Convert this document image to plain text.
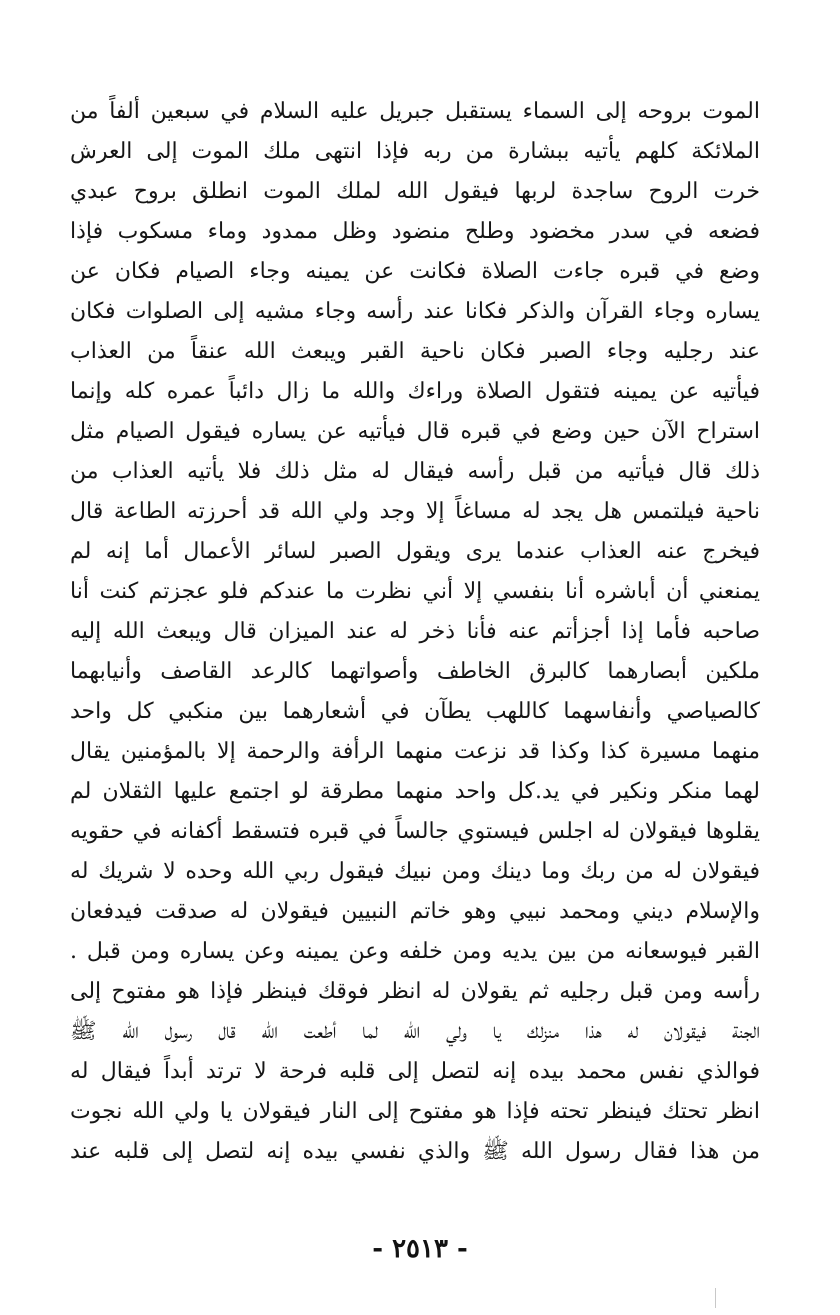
الموت بروحه إلى السماء يستقبل جبريل عليه السلام في سبعين ألفاً من
الملائكة كلهم يأتيه ببشارة من ربه فإذا انتهى ملك الموت إلى العرش
خرت الروح ساجدة لربها فيقول الله لملك الموت انطلق بروح عبدي
فضعه في سدر مخضود وطلح منضود وظل ممدود وماء مسكوب فإذا
وضع في قبره جاءت الصلاة فكانت عن يمينه وجاء الصيام فكان عن
يساره وجاء القرآن والذكر فكانا عند رأسه وجاء مشيه إلى الصلوات فكان
عند رجليه وجاء الصبر فكان ناحية القبر ويبعث الله عنقاً من العذاب
فيأتيه عن يمينه فتقول الصلاة وراءك والله ما زال دائباً عمره كله وإنما
استراح الآن حين وضع في قبره قال فيأتيه عن يساره فيقول الصيام مثل
ذلك قال فيأتيه من قبل رأسه فيقال له مثل ذلك فلا يأتيه العذاب من
ناحية فيلتمس هل يجد له مساغاً إلا وجد ولي الله قد أحرزته الطاعة قال
فيخرج عنه العذاب عندما يرى ويقول الصبر لسائر الأعمال أما إنه لم
يمنعني أن أباشره أنا بنفسي إلا أني نظرت ما عندكم فلو عجزتم كنت أنا
صاحبه فأما إذا أجزأتم عنه فأنا ذخر له عند الميزان قال ويبعث الله إليه
ملكين أبصارهما كالبرق الخاطف وأصواتهما كالرعد القاصف وأنيابهما
كالصياصي وأنفاسهما كاللهب يطآن في أشعارهما بين منكبي كل واحد
منهما مسيرة كذا وكذا قد نزعت منهما الرأفة والرحمة إلا بالمؤمنين يقال
لهما منكر ونكير في يد.كل واحد منهما مطرقة لو اجتمع عليها الثقلان لم
يقلوها فيقولان له اجلس فيستوي جالساً في قبره فتسقط أكفانه في حقويه
فيقولان له من ربك وما دينك ومن نبيك فيقول ربي الله وحده لا شريك له
والإسلام ديني ومحمد نبيي وهو خاتم النبيين فيقولان له صدقت فيدفعان
القبر فيوسعانه من بين يديه ومن خلفه وعن يمينه وعن يساره ومن قبل .
رأسه ومن قبل رجليه ثم يقولان له انظر فوقك فينظر فإذا هو مفتوح إلى
الجنة فيقولان له هذا منزلك يا ولي الله لما أطعت الله قال رسول الله ﷺ
فوالذي نفس محمد بيده إنه لتصل إلى قلبه فرحة لا ترتد أبداً فيقال له
انظر تحتك فينظر تحته فإذا هو مفتوح إلى النار فيقولان يا ولي الله نجوت
من هذا فقال رسول الله ﷺ والذي نفسي بيده إنه لتصل إلى قلبه عند
- ٢٥١٣ -
